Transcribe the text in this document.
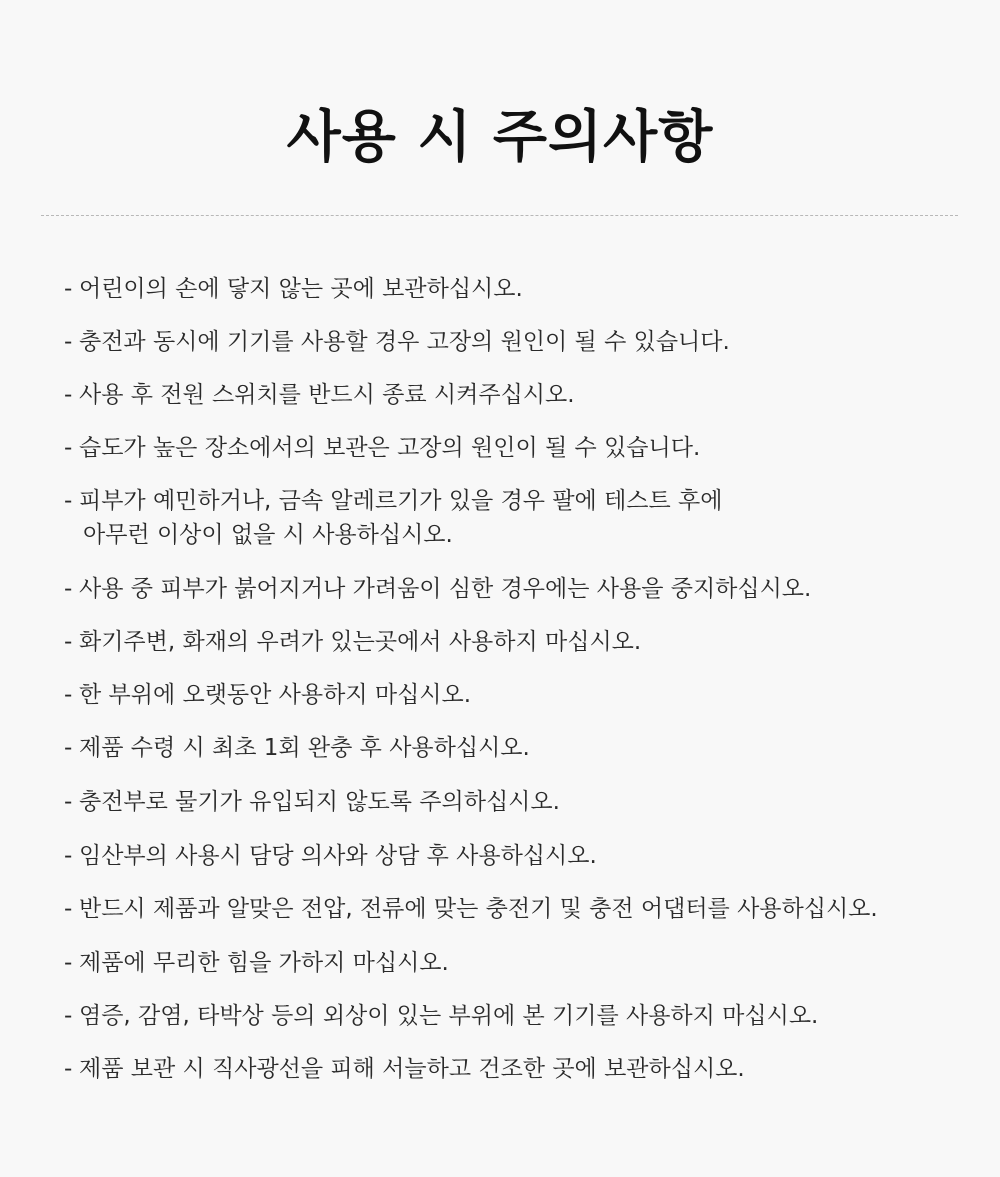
사용 시 주의사항
- 어린이의 손에 닿지 않는 곳에 보관하십시오.
- 충전과 동시에 기기를 사용할 경우 고장의 원인이 될 수 있습니다.
- 사용 후 전원 스위치를 반드시 종료 시켜주십시오.
- 습도가 높은 장소에서의 보관은 고장의 원인이 될 수 있습니다.
- 피부가 예민하거나, 금속 알레르기가 있을 경우 팔에 테스트 후에
아무런 이상이 없을 시 사용하십시오.
- 사용 중 피부가 붉어지거나 가려움이 심한 경우에는 사용을 중지하십시오.
- 화기주변, 화재의 우려가 있는곳에서 사용하지 마십시오.
- 한 부위에 오랫동안 사용하지 마십시오.
- 제품 수령 시 최초 1회 완충 후 사용하십시오.
- 충전부로 물기가 유입되지 않도록 주의하십시오.
- 임산부의 사용시 담당 의사와 상담 후 사용하십시오.
- 반드시 제품과 알맞은 전압, 전류에 맞는 충전기 및 충전 어댑터를 사용하십시오.
- 제품에 무리한 힘을 가하지 마십시오.
- 염증, 감염, 타박상 등의 외상이 있는 부위에 본 기기를 사용하지 마십시오.
- 제품 보관 시 직사광선을 피해 서늘하고 건조한 곳에 보관하십시오.
